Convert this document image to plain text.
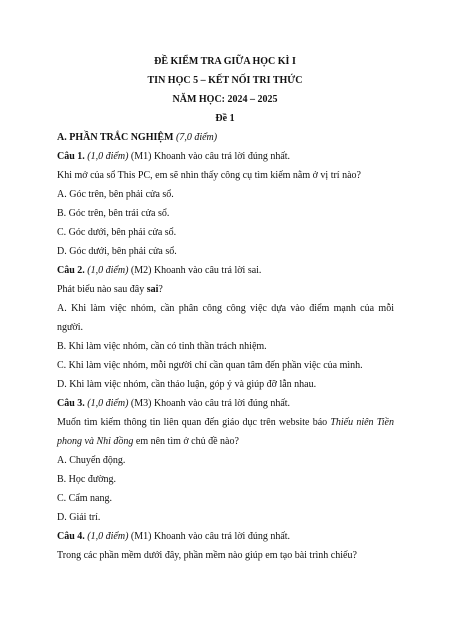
ĐỀ KIỂM TRA GIỮA HỌC KÌ I
TIN HỌC 5 – KẾT NỐI TRI THỨC
NĂM HỌC: 2024 – 2025
Đề 1
A. PHẦN TRẮC NGHIỆM (7,0 điểm)
Câu 1. (1,0 điểm) (M1) Khoanh vào câu trả lời đúng nhất.
Khi mở của sổ This PC, em sẽ nhìn thấy công cụ tìm kiếm nằm ở vị trí nào?
A. Góc trên, bên phải cửa sổ.
B. Góc trên, bên trái cửa sổ.
C. Góc dưới, bên phải cửa sổ.
D. Góc dưới, bên phải cửa sổ.
Câu 2. (1,0 điểm) (M2) Khoanh vào câu trả lời sai.
Phát biểu nào sau đây sai?
A. Khi làm việc nhóm, cần phân công công việc dựa vào điểm mạnh của mỗi
người.
B. Khi làm việc nhóm, cần có tinh thần trách nhiệm.
C. Khi làm việc nhóm, mỗi người chỉ cần quan tâm đến phần việc của mình.
D. Khi làm việc nhóm, cần thảo luận, góp ý và giúp đỡ lẫn nhau.
Câu 3. (1,0 điểm) (M3) Khoanh vào câu trả lời đúng nhất.
Muốn tìm kiếm thông tin liên quan đến giáo dục trên website báo Thiếu niên Tiền
phong và Nhi đồng em nên tìm ở chủ đề nào?
A. Chuyển động.
B. Học đường.
C. Cẩm nang.
D. Giải trí.
Câu 4. (1,0 điểm) (M1) Khoanh vào câu trả lời đúng nhất.
Trong các phần mềm dưới đây, phần mềm nào giúp em tạo bài trình chiếu?
